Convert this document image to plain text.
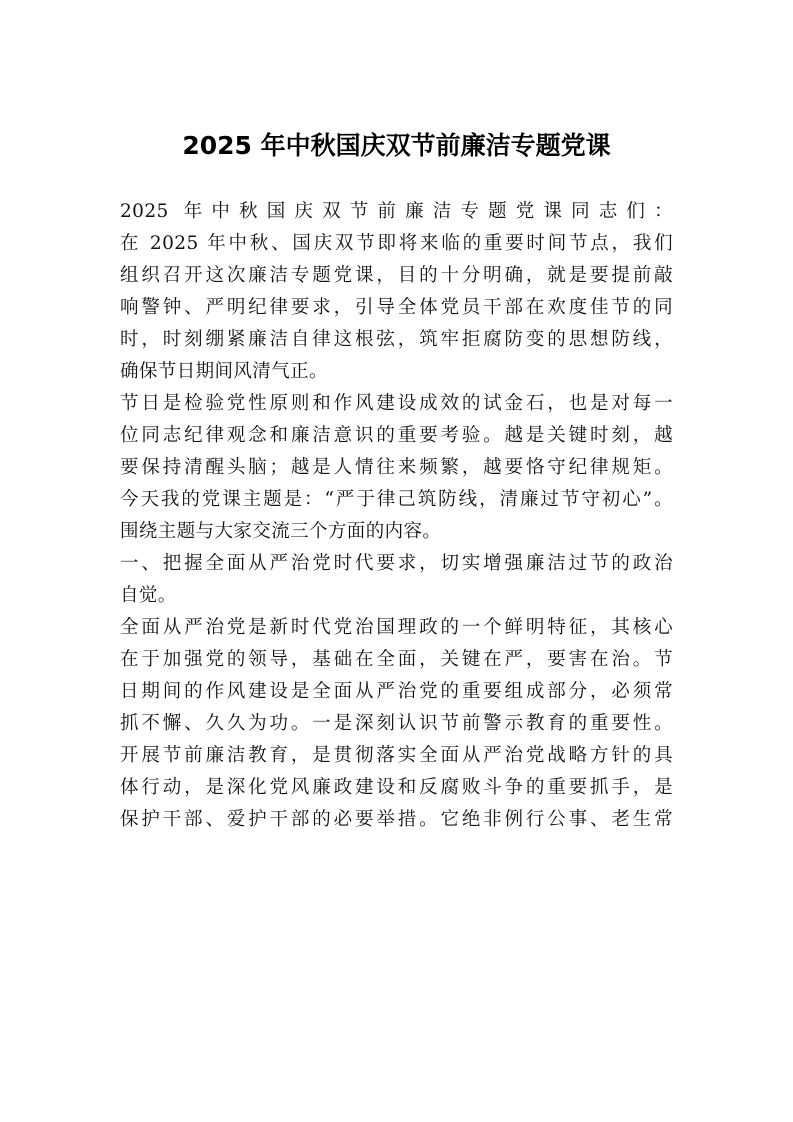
2025 年中秋国庆双节前廉洁专题党课
2025 年中秋国庆双节前廉洁专题党课同志们：
在 2025 年中秋、国庆双节即将来临的重要时间节点，我们
组织召开这次廉洁专题党课，目的十分明确，就是要提前敲
响警钟、严明纪律要求，引导全体党员干部在欢度佳节的同
时，时刻绷紧廉洁自律这根弦，筑牢拒腐防变的思想防线，
确保节日期间风清气正。
节日是检验党性原则和作风建设成效的试金石，也是对每一
位同志纪律观念和廉洁意识的重要考验。越是关键时刻，越
要保持清醒头脑；越是人情往来频繁，越要恪守纪律规矩。
今天我的党课主题是：“严于律己筑防线，清廉过节守初心”。
围绕主题与大家交流三个方面的内容。
一、把握全面从严治党时代要求，切实增强廉洁过节的政治
自觉。
全面从严治党是新时代党治国理政的一个鲜明特征，其核心
在于加强党的领导，基础在全面，关键在严，要害在治。节
日期间的作风建设是全面从严治党的重要组成部分，必须常
抓不懈、久久为功。一是深刻认识节前警示教育的重要性。
开展节前廉洁教育，是贯彻落实全面从严治党战略方针的具
体行动，是深化党风廉政建设和反腐败斗争的重要抓手，是
保护干部、爱护干部的必要举措。它绝非例行公事、老生常
